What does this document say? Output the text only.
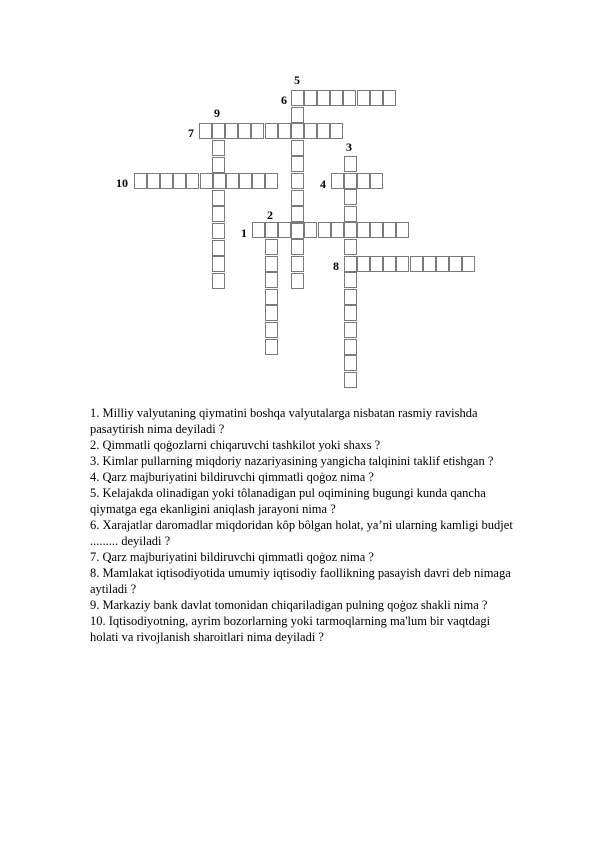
1
2
3
4
5
6
7
8
9
10

1. Milliy valyutaning qiymatini boshqa valyutalarga nisbatan rasmiy ravishda pasaytirish nima deyiladi ?

2. Qimmatli qoġozlarni chiqaruvchi tashkilot yoki shaxs ?

3. Kimlar pullarning miqdoriy nazariyasining yangicha talqinini taklif etishgan ?

4. Qarz majburiyatini bildiruvchi qimmatli qoġoz nima ?

5. Kelajakda olinadigan yoki tôlanadigan pul oqimining bugungi kunda qancha qiymatga ega ekanligini aniqlash jarayoni nima ?

6. Xarajatlar daromadlar miqdoridan kôp bôlgan holat, ya’ni ularning kamligi budjet ......... deyiladi ?

7. Qarz majburiyatini bildiruvchi qimmatli qoġoz nima ?

8. Mamlakat iqtisodiyotida umumiy iqtisodiy faollikning pasayish davri deb nimaga aytiladi ?

9. Markaziy bank davlat tomonidan chiqariladigan pulning qoġoz shakli nima ?

10. Iqtisodiyotning, ayrim bozorlarning yoki tarmoqlarning ma'lum bir vaqtdagi holati va rivojlanish sharoitlari nima deyiladi ?
